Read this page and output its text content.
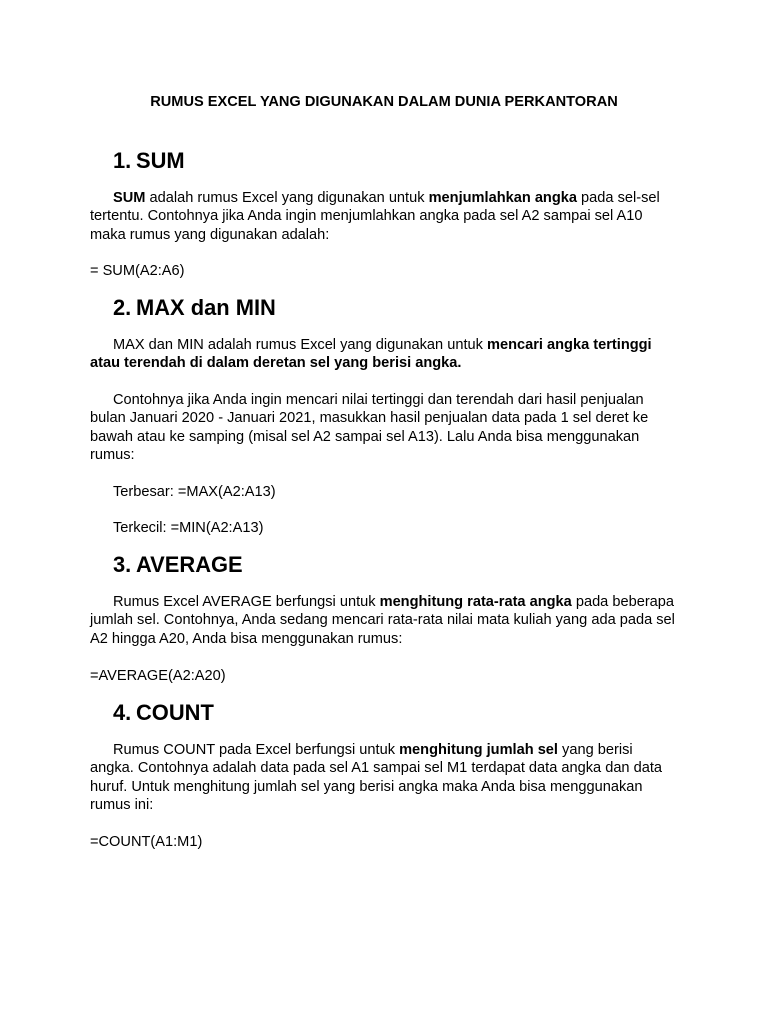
RUMUS EXCEL YANG DIGUNAKAN DALAM DUNIA PERKANTORAN
1. SUM

SUM adalah rumus Excel yang digunakan untuk menjumlahkan angka pada sel-sel tertentu. Contohnya jika Anda ingin menjumlahkan angka pada sel A2 sampai sel A10 maka rumus yang digunakan adalah:

= SUM(A2:A6)

2. MAX dan MIN

MAX dan MIN adalah rumus Excel yang digunakan untuk mencari angka tertinggi atau terendah di dalam deretan sel yang berisi angka.

Contohnya jika Anda ingin mencari nilai tertinggi dan terendah dari hasil penjualan bulan Januari 2020 - Januari 2021, masukkan hasil penjualan data pada 1 sel deret ke bawah atau ke samping (misal sel A2 sampai sel A13). Lalu Anda bisa menggunakan rumus:

Terbesar: =MAX(A2:A13)

Terkecil: =MIN(A2:A13)

3. AVERAGE

Rumus Excel AVERAGE berfungsi untuk menghitung rata-rata angka pada beberapa jumlah sel. Contohnya, Anda sedang mencari rata-rata nilai mata kuliah yang ada pada sel A2 hingga A20, Anda bisa menggunakan rumus:

=AVERAGE(A2:A20)

4. COUNT

Rumus COUNT pada Excel berfungsi untuk menghitung jumlah sel yang berisi angka. Contohnya adalah data pada sel A1 sampai sel M1 terdapat data angka dan data huruf. Untuk menghitung jumlah sel yang berisi angka maka Anda bisa menggunakan rumus ini:

=COUNT(A1:M1)
